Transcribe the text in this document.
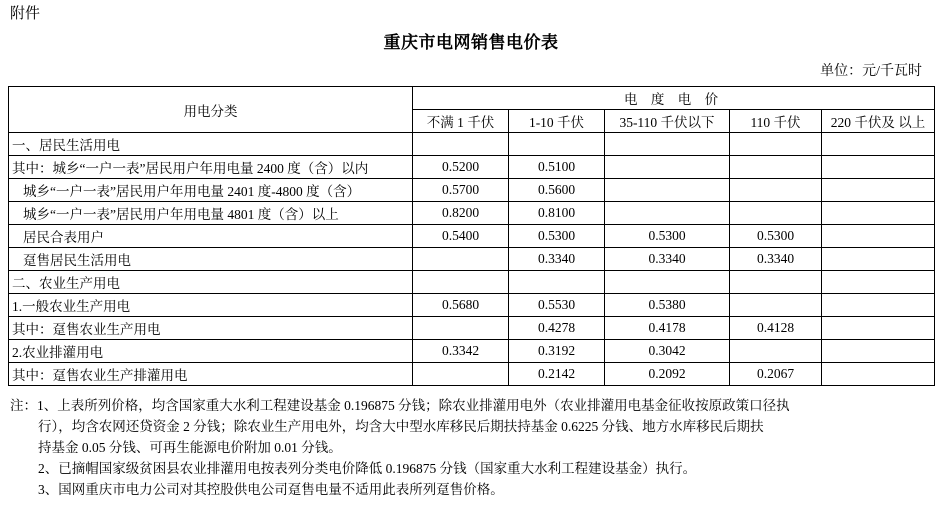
附件
重庆市电网销售电价表
单位：元/千瓦时
用电分类	电 度 电 价				
	不满 1 千伏	1-10 千伏	35-110 千伏以下	110 千伏	220 千伏及 以上
一、居民生活用电					
其中：城乡“一户一表”居民用户年用电量 2400 度（含）以内	0.5200	0.5100			
城乡“一户一表”居民用户年用电量 2401 度-4800 度（含）	0.5700	0.5600			
城乡“一户一表”居民用户年用电量 4801 度（含）以上	0.8200	0.8100			
居民合表用户	0.5400	0.5300	0.5300	0.5300	
趸售居民生活用电		0.3340	0.3340	0.3340	
二、农业生产用电					
1.一般农业生产用电	0.5680	0.5530	0.5380		
其中：趸售农业生产用电		0.4278	0.4178	0.4128	
2.农业排灌用电	0.3342	0.3192	0.3042		
其中：趸售农业生产排灌用电		0.2142	0.2092	0.2067	
注：1、上表所列价格，均含国家重大水利工程建设基金 0.196875 分钱；除农业排灌用电外（农业排灌用电基金征收按原政策口径执
行），均含农网还贷资金 2 分钱；除农业生产用电外，均含大中型水库移民后期扶持基金 0.6225 分钱、地方水库移民后期扶
持基金 0.05 分钱、可再生能源电价附加 0.01 分钱。
2、已摘帽国家级贫困县农业排灌用电按表列分类电价降低 0.196875 分钱（国家重大水利工程建设基金）执行。
3、国网重庆市电力公司对其控股供电公司趸售电量不适用此表所列趸售价格。
